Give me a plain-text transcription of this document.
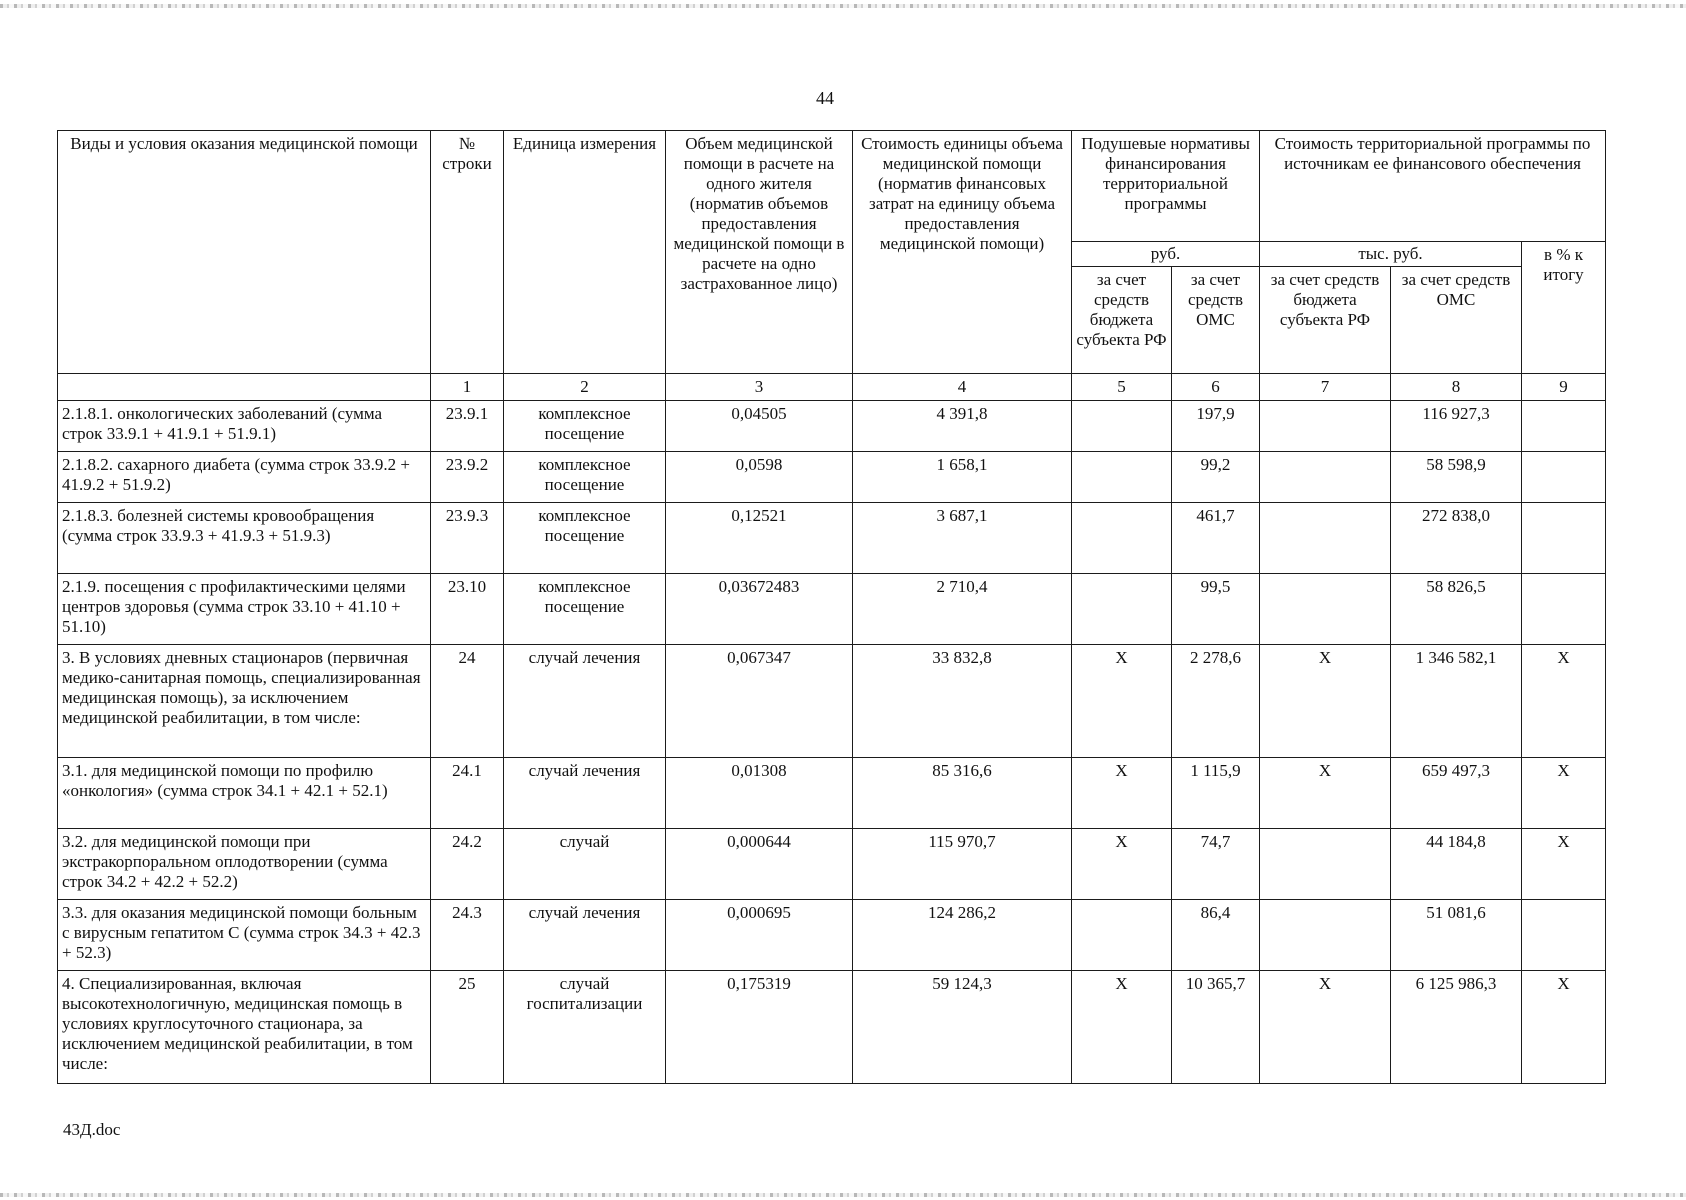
44
Виды и условия оказания медицинской помощи	№ строки	Единица измерения	Объем медицинской помощи в расчете на одного жителя (норматив объемов предоставления медицинской помощи в расчете на одно застрахованное лицо)	Стоимость единицы объема медицинской помощи (норматив финансовых затрат на единицу объема предоставления медицинской помощи)	Подушевые нормативы финансирования территориальной программы		Стоимость территориальной программы по источникам ее финансового обеспечения		
					руб.		тыс. руб.		в % к итогу
					за счет средств бюджета субъекта РФ	за счет средств ОМС	за счет средств бюджета субъекта РФ	за счет средств ОМС	
	1	2	3	4	5	6	7	8	9
2.1.8.1. онкологических заболеваний (сумма строк 33.9.1 + 41.9.1 + 51.9.1)	23.9.1	комплексное посещение	0,04505	4 391,8		197,9		116 927,3	
2.1.8.2. сахарного диабета (сумма строк 33.9.2 + 41.9.2 + 51.9.2)	23.9.2	комплексное посещение	0,0598	1 658,1		99,2		58 598,9	
2.1.8.3. болезней системы кровообращения (сумма строк 33.9.3 + 41.9.3 + 51.9.3)	23.9.3	комплексное посещение	0,12521	3 687,1		461,7		272 838,0	
2.1.9. посещения с профилактическими целями центров здоровья (сумма строк 33.10 + 41.10 + 51.10)	23.10	комплексное посещение	0,03672483	2 710,4		99,5		58 826,5	
3. В условиях дневных стационаров (первичная медико-санитарная помощь, специализированная медицинская помощь), за исключением медицинской реабилитации, в том числе:	24	случай лечения	0,067347	33 832,8	Х	2 278,6	Х	1 346 582,1	Х
3.1. для медицинской помощи по профилю «онкология» (сумма строк 34.1 + 42.1 + 52.1)	24.1	случай лечения	0,01308	85 316,6	Х	1 115,9	Х	659 497,3	Х
3.2. для медицинской помощи при экстракорпоральном оплодотворении (сумма строк 34.2 + 42.2 + 52.2)	24.2	случай	0,000644	115 970,7	Х	74,7		44 184,8	Х
3.3. для оказания медицинской помощи больным с вирусным гепатитом С (сумма строк 34.3 + 42.3 + 52.3)	24.3	случай лечения	0,000695	124 286,2		86,4		51 081,6	
4. Специализированная, включая высокотехнологичную, медицинская помощь в условиях круглосуточного стационара, за исключением медицинской реабилитации, в том числе:	25	случай госпитализации	0,175319	59 124,3	Х	10 365,7	Х	6 125 986,3	Х
43Д.doc
